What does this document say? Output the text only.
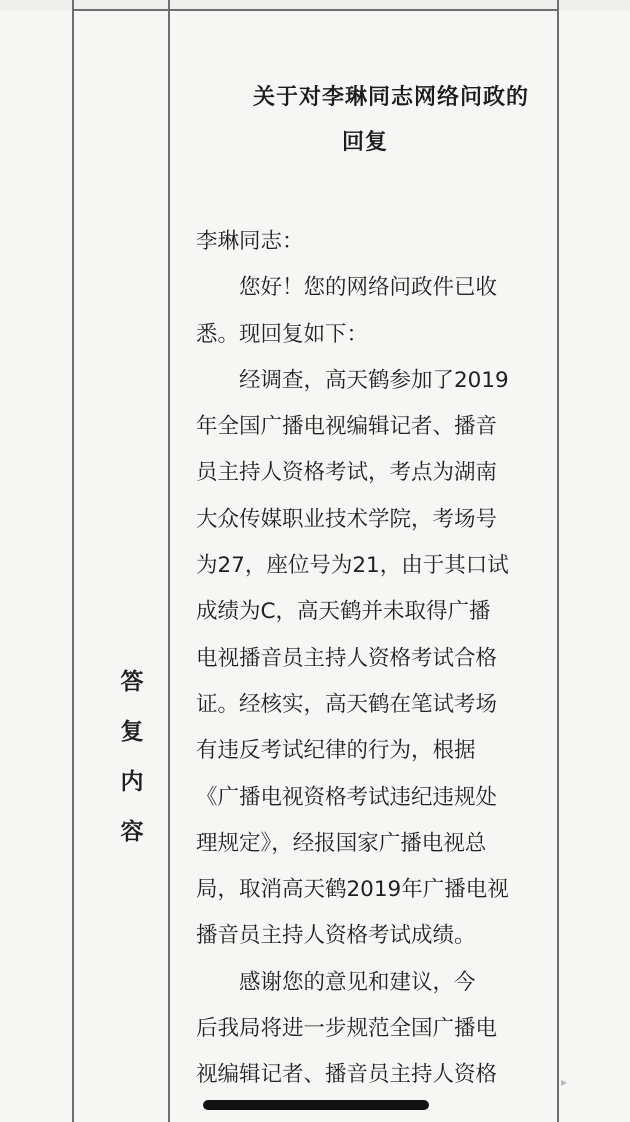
答
复
内
容
关于对李琳同志网络问政的
回复
李琳同志：
　　您好！您的网络问政件已收
悉。现回复如下：
　　经调查，高天鹤参加了2019
年全国广播电视编辑记者、播音
员主持人资格考试，考点为湖南
大众传媒职业技术学院，考场号
为27，座位号为21，由于其口试
成绩为C，高天鹤并未取得广播
电视播音员主持人资格考试合格
证。经核实，高天鹤在笔试考场
有违反考试纪律的行为，根据
《广播电视资格考试违纪违规处
理规定》，经报国家广播电视总
局，取消高天鹤2019年广播电视
播音员主持人资格考试成绩。
　　感谢您的意见和建议，今
后我局将进一步规范全国广播电
视编辑记者、播音员主持人资格	▸
